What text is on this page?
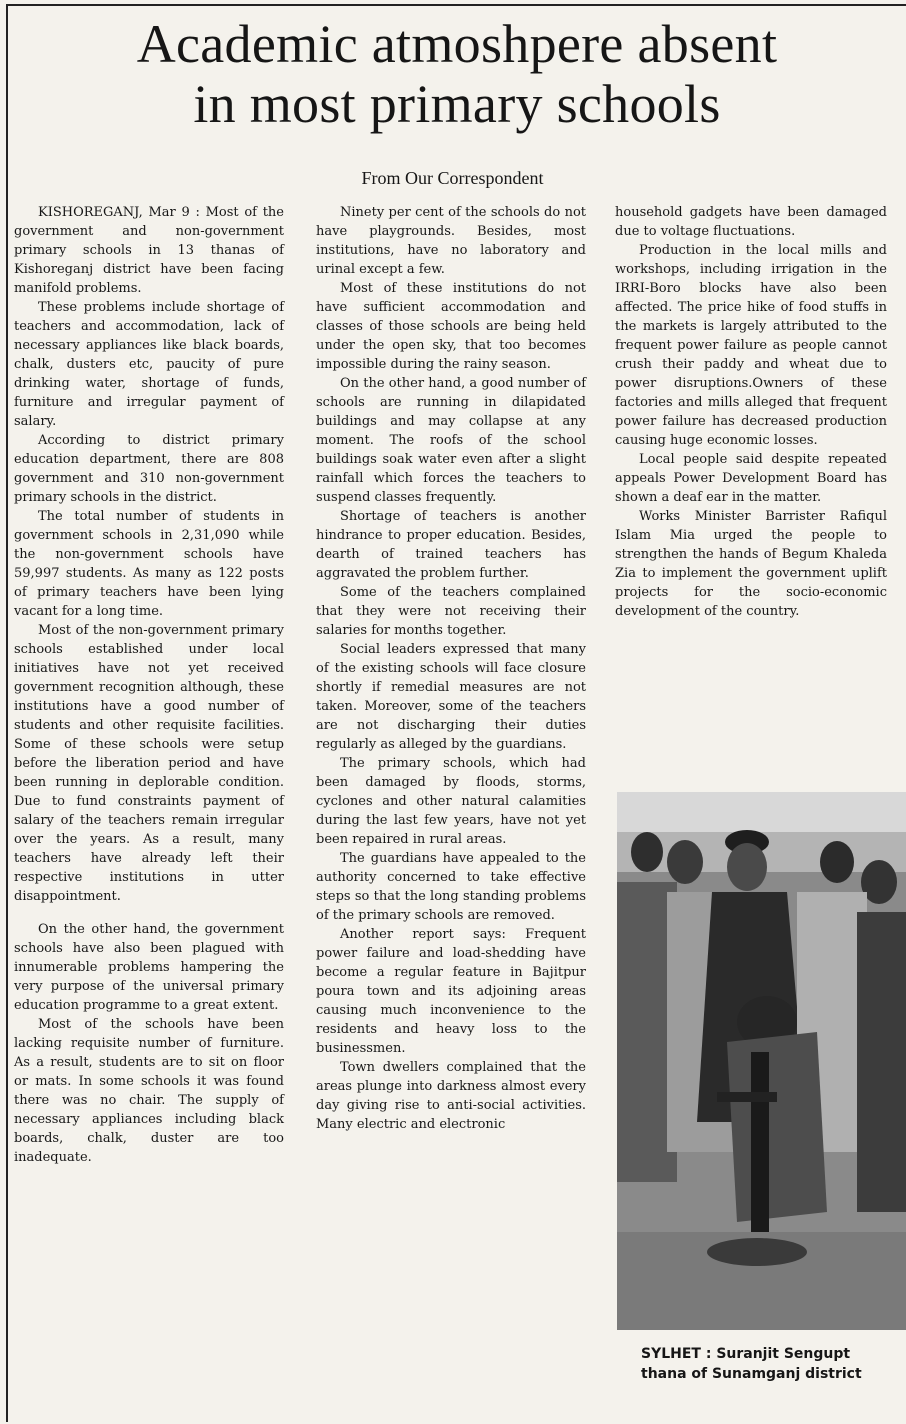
Academic atmoshpere absent
in most primary schools

From Our Correspondent

KISHOREGANJ, Mar 9 : Most of the government and non-government primary schools in 13 thanas of Kishoreganj district have been facing manifold problems.

These problems include shortage of teachers and accommodation, lack of necessary appliances like black boards, chalk, dusters etc, paucity of pure drinking water, shortage of funds, furniture and irregular payment of salary.

According to district primary education department, there are 808 government and 310 non-government primary schools in the district.

The total number of students in government schools in 2,31,090 while the non-government schools have 59,997 students. As many as 122 posts of primary teachers have been lying vacant for a long time.

Most of the non-government primary schools established under local initiatives have not yet received government recognition although, these institutions have a good number of students and other requisite facilities. Some of these schools were setup before the liberation period and have been running in deplorable condition. Due to fund constraints payment of salary of the teachers remain irregular over the years. As a result, many teachers have already left their respective institutions in utter disappointment.

On the other hand, the government schools have also been plagued with innumerable problems hampering the very purpose of the universal primary education programme to a great extent.

Most of the schools have been lacking requisite number of furniture. As a result, students are to sit on floor or mats. In some schools it was found there was no chair. The supply of necessary appliances including black boards, chalk, duster are too inadequate.

Ninety per cent of the schools do not have playgrounds. Besides, most institutions, have no laboratory and urinal except a few.

Most of these institutions do not have sufficient accommodation and classes of those schools are being held under the open sky, that too becomes impossible during the rainy season.

On the other hand, a good number of schools are running in dilapidated buildings and may collapse at any moment. The roofs of the school buildings soak water even after a slight rainfall which forces the teachers to suspend classes frequently.

Shortage of teachers is another hindrance to proper education. Besides, dearth of trained teachers has aggravated the problem further.

Some of the teachers complained that they were not receiving their salaries for months together.

Social leaders expressed that many of the existing schools will face closure shortly if remedial measures are not taken. Moreover, some of the teachers are not discharging their duties regularly as alleged by the guardians.

The primary schools, which had been damaged by floods, storms, cyclones and other natural calamities during the last few years, have not yet been repaired in rural areas.

The guardians have appealed to the authority concerned to take effective steps so that the long standing problems of the primary schools are removed.

Another report says: Frequent power failure and load-shedding have become a regular feature in Bajitpur poura town and its adjoining areas causing much inconvenience to the residents and heavy loss to the businessmen.

Town dwellers complained that the areas plunge into darkness almost every day giving rise to anti-social activities. Many electric and electronic

household gadgets have been damaged due to voltage fluctuations.

Production in the local mills and workshops, including irrigation in the IRRI-Boro blocks have also been affected. The price hike of food stuffs in the markets is largely attributed to the frequent power failure as people cannot crush their paddy and wheat due to power disruptions.Owners of these factories and mills alleged that frequent power failure has decreased production causing huge economic losses.

Local people said despite repeated appeals Power Development Board has shown a deaf ear in the matter.

Works Minister Barrister Rafiqul Islam Mia urged the people to strengthen the hands of Begum Khaleda Zia to implement the government uplift projects for the socio-economic development of the country.

SYLHET : Suranjit Sengupt
thana of Sunamganj district
